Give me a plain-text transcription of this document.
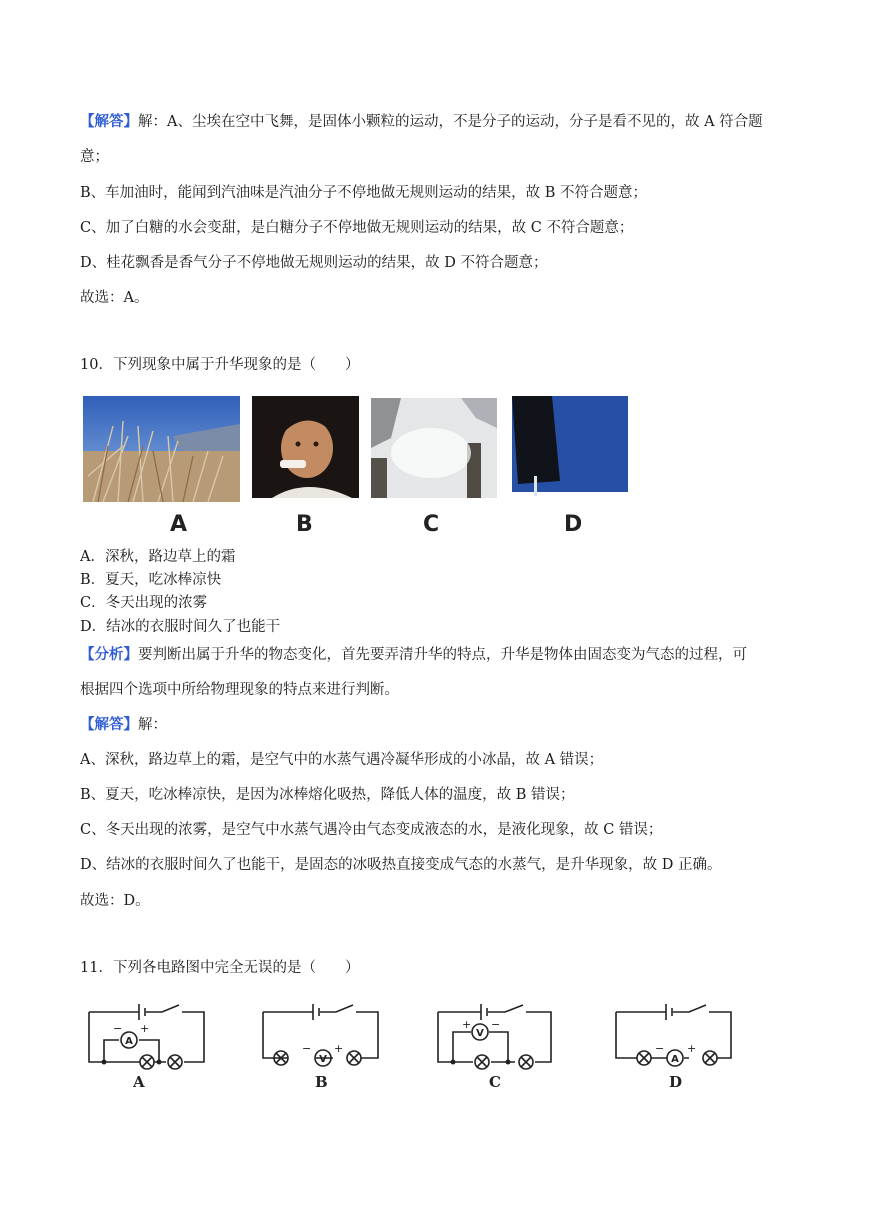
【解答】解：A、尘埃在空中飞舞，是固体小颗粒的运动，不是分子的运动，分子是看不见的，故 A 符合题
意；
B、车加油时，能闻到汽油味是汽油分子不停地做无规则运动的结果，故 B 不符合题意；
C、加了白糖的水会变甜，是白糖分子不停地做无规则运动的结果，故 C 不符合题意；
D、桂花飘香是香气分子不停地做无规则运动的结果，故 D 不符合题意；
故选：A。
10．下列现象中属于升华现象的是（　　）
A	B	C	D
A．深秋，路边草上的霜
B．夏天，吃冰棒凉快
C．冬天出现的浓雾
D．结冰的衣服时间久了也能干
【分析】要判断出属于升华的物态变化，首先要弄清升华的特点，升华是物体由固态变为气态的过程，可
根据四个选项中所给物理现象的特点来进行判断。
【解答】解：
A、深秋，路边草上的霜，是空气中的水蒸气遇冷凝华形成的小冰晶，故 A 错误；
B、夏天，吃冰棒凉快，是因为冰棒熔化吸热，降低人体的温度，故 B 错误；
C、冬天出现的浓雾，是空气中水蒸气遇冷由气态变成液态的水，是液化现象，故 C 错误；
D、结冰的衣服时间久了也能干，是固态的冰吸热直接变成气态的水蒸气，是升华现象，故 D 正确。
故选：D。
11．下列各电路图中完全无误的是（　　）
A
− +
A
V
− +
B
V
+ −
C
A
− +
D
